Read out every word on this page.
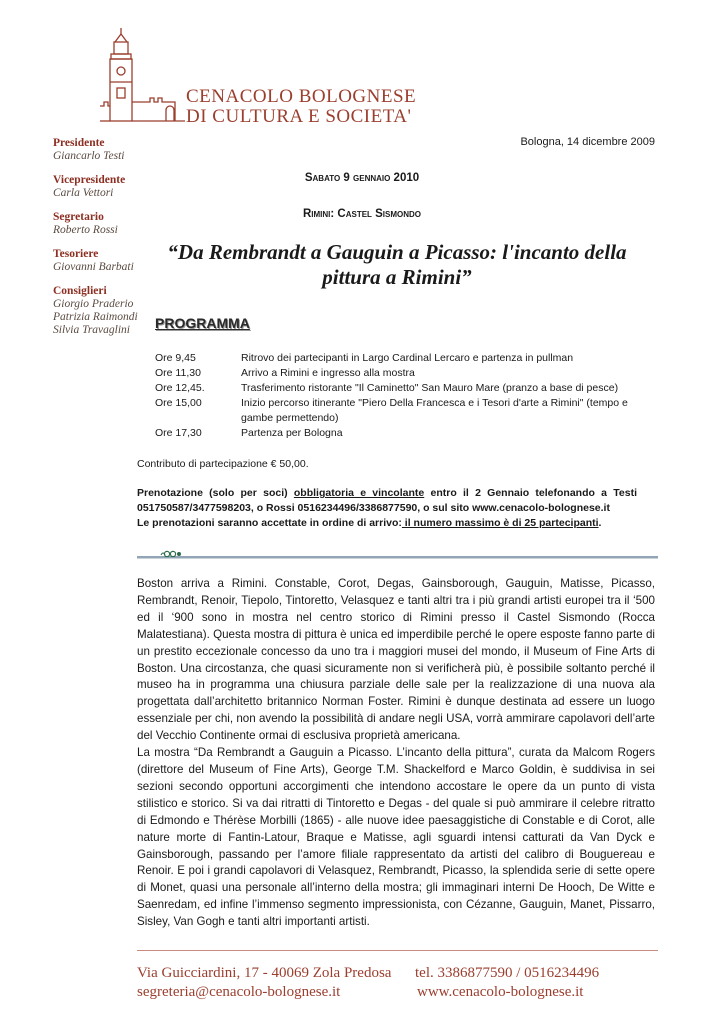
CENACOLO BOLOGNESE
DI CULTURA E SOCIETA'
Presidente
Giancarlo Testi
Vicepresidente
Carla Vettori
Segretario
Roberto Rossi
Tesoriere
Giovanni Barbati
Consiglieri
Giorgio Praderio
Patrizia Raimondi
Silvia Travaglini
Bologna, 14 dicembre 2009
Sabato 9 gennaio 2010
Rimini: Castel Sismondo
“Da Rembrandt a Gauguin a Picasso: l'incanto della pittura a Rimini”
PROGRAMMA
Ore 9,45	Ritrovo dei partecipanti in Largo Cardinal Lercaro e partenza in pullman
Ore 11,30	Arrivo a Rimini e ingresso alla mostra
Ore 12,45.	Trasferimento ristorante "Il Caminetto" San Mauro Mare (pranzo a base di pesce)
Ore 15,00	Inizio percorso itinerante "Piero Della Francesca e i Tesori d'arte a Rimini" (tempo e gambe permettendo)
Ore 17,30	Partenza per Bologna
Contributo di partecipazione € 50,00.
Prenotazione (solo per soci) obbligatoria e vincolante entro il 2 Gennaio telefonando a Testi 051750587/3477598203, o Rossi 0516234496/3386877590, o sul sito www.cenacolo-bolognese.it
Le prenotazioni saranno accettate in ordine di arrivo: il numero massimo è di 25 partecipanti.

Boston arriva a Rimini. Constable, Corot, Degas, Gainsborough, Gauguin, Matisse, Picasso, Rembrandt, Renoir, Tiepolo, Tintoretto, Velasquez e tanti altri tra i più grandi artisti europei tra il ‘500 ed il ‘900 sono in mostra nel centro storico di Rimini presso il Castel Sismondo (Rocca Malatestiana). Questa mostra di pittura è unica ed imperdibile perché le opere esposte fanno parte di un prestito eccezionale concesso da uno tra i maggiori musei del mondo, il Museum of Fine Arts di Boston. Una circostanza, che quasi sicuramente non si verificherà più, è possibile soltanto perché il museo ha in programma una chiusura parziale delle sale per la realizzazione di una nuova ala progettata dall’architetto britannico Norman Foster. Rimini è dunque destinata ad essere un luogo essenziale per chi, non avendo la possibilità di andare negli USA, vorrà ammirare capolavori dell’arte del Vecchio Continente ormai di esclusiva proprietà americana.

La mostra “Da Rembrandt a Gauguin a Picasso. L’incanto della pittura”, curata da Malcom Rogers (direttore del Museum of Fine Arts), George T.M. Shackelford e Marco Goldin, è suddivisa in sei sezioni secondo opportuni accorgimenti che intendono accostare le opere da un punto di vista stilistico e storico. Si va dai ritratti di Tintoretto e Degas - del quale si può ammirare il celebre ritratto di Edmondo e Thérèse Morbilli (1865) - alle nuove idee paesaggistiche di Constable e di Corot, alle nature morte di Fantin-Latour, Braque e Matisse, agli sguardi intensi catturati da Van Dyck e Gainsborough, passando per l’amore filiale rappresentato da artisti del calibro di Bouguereau e Renoir. E poi i grandi capolavori di Velasquez, Rembrandt, Picasso, la splendida serie di sette opere di Monet, quasi una personale all’interno della mostra; gli immaginari interni De Hooch, De Witte e Saenredam, ed infine l’immenso segmento impressionista, con Cézanne, Gauguin, Manet, Pissarro, Sisley, Van Gogh e tanti altri importanti artisti.

Via Guicciardini, 17 - 40069 Zola Predosa
segreteria@cenacolo-bolognese.it
tel. 3386877590 / 0516234496
www.cenacolo-bolognese.it
